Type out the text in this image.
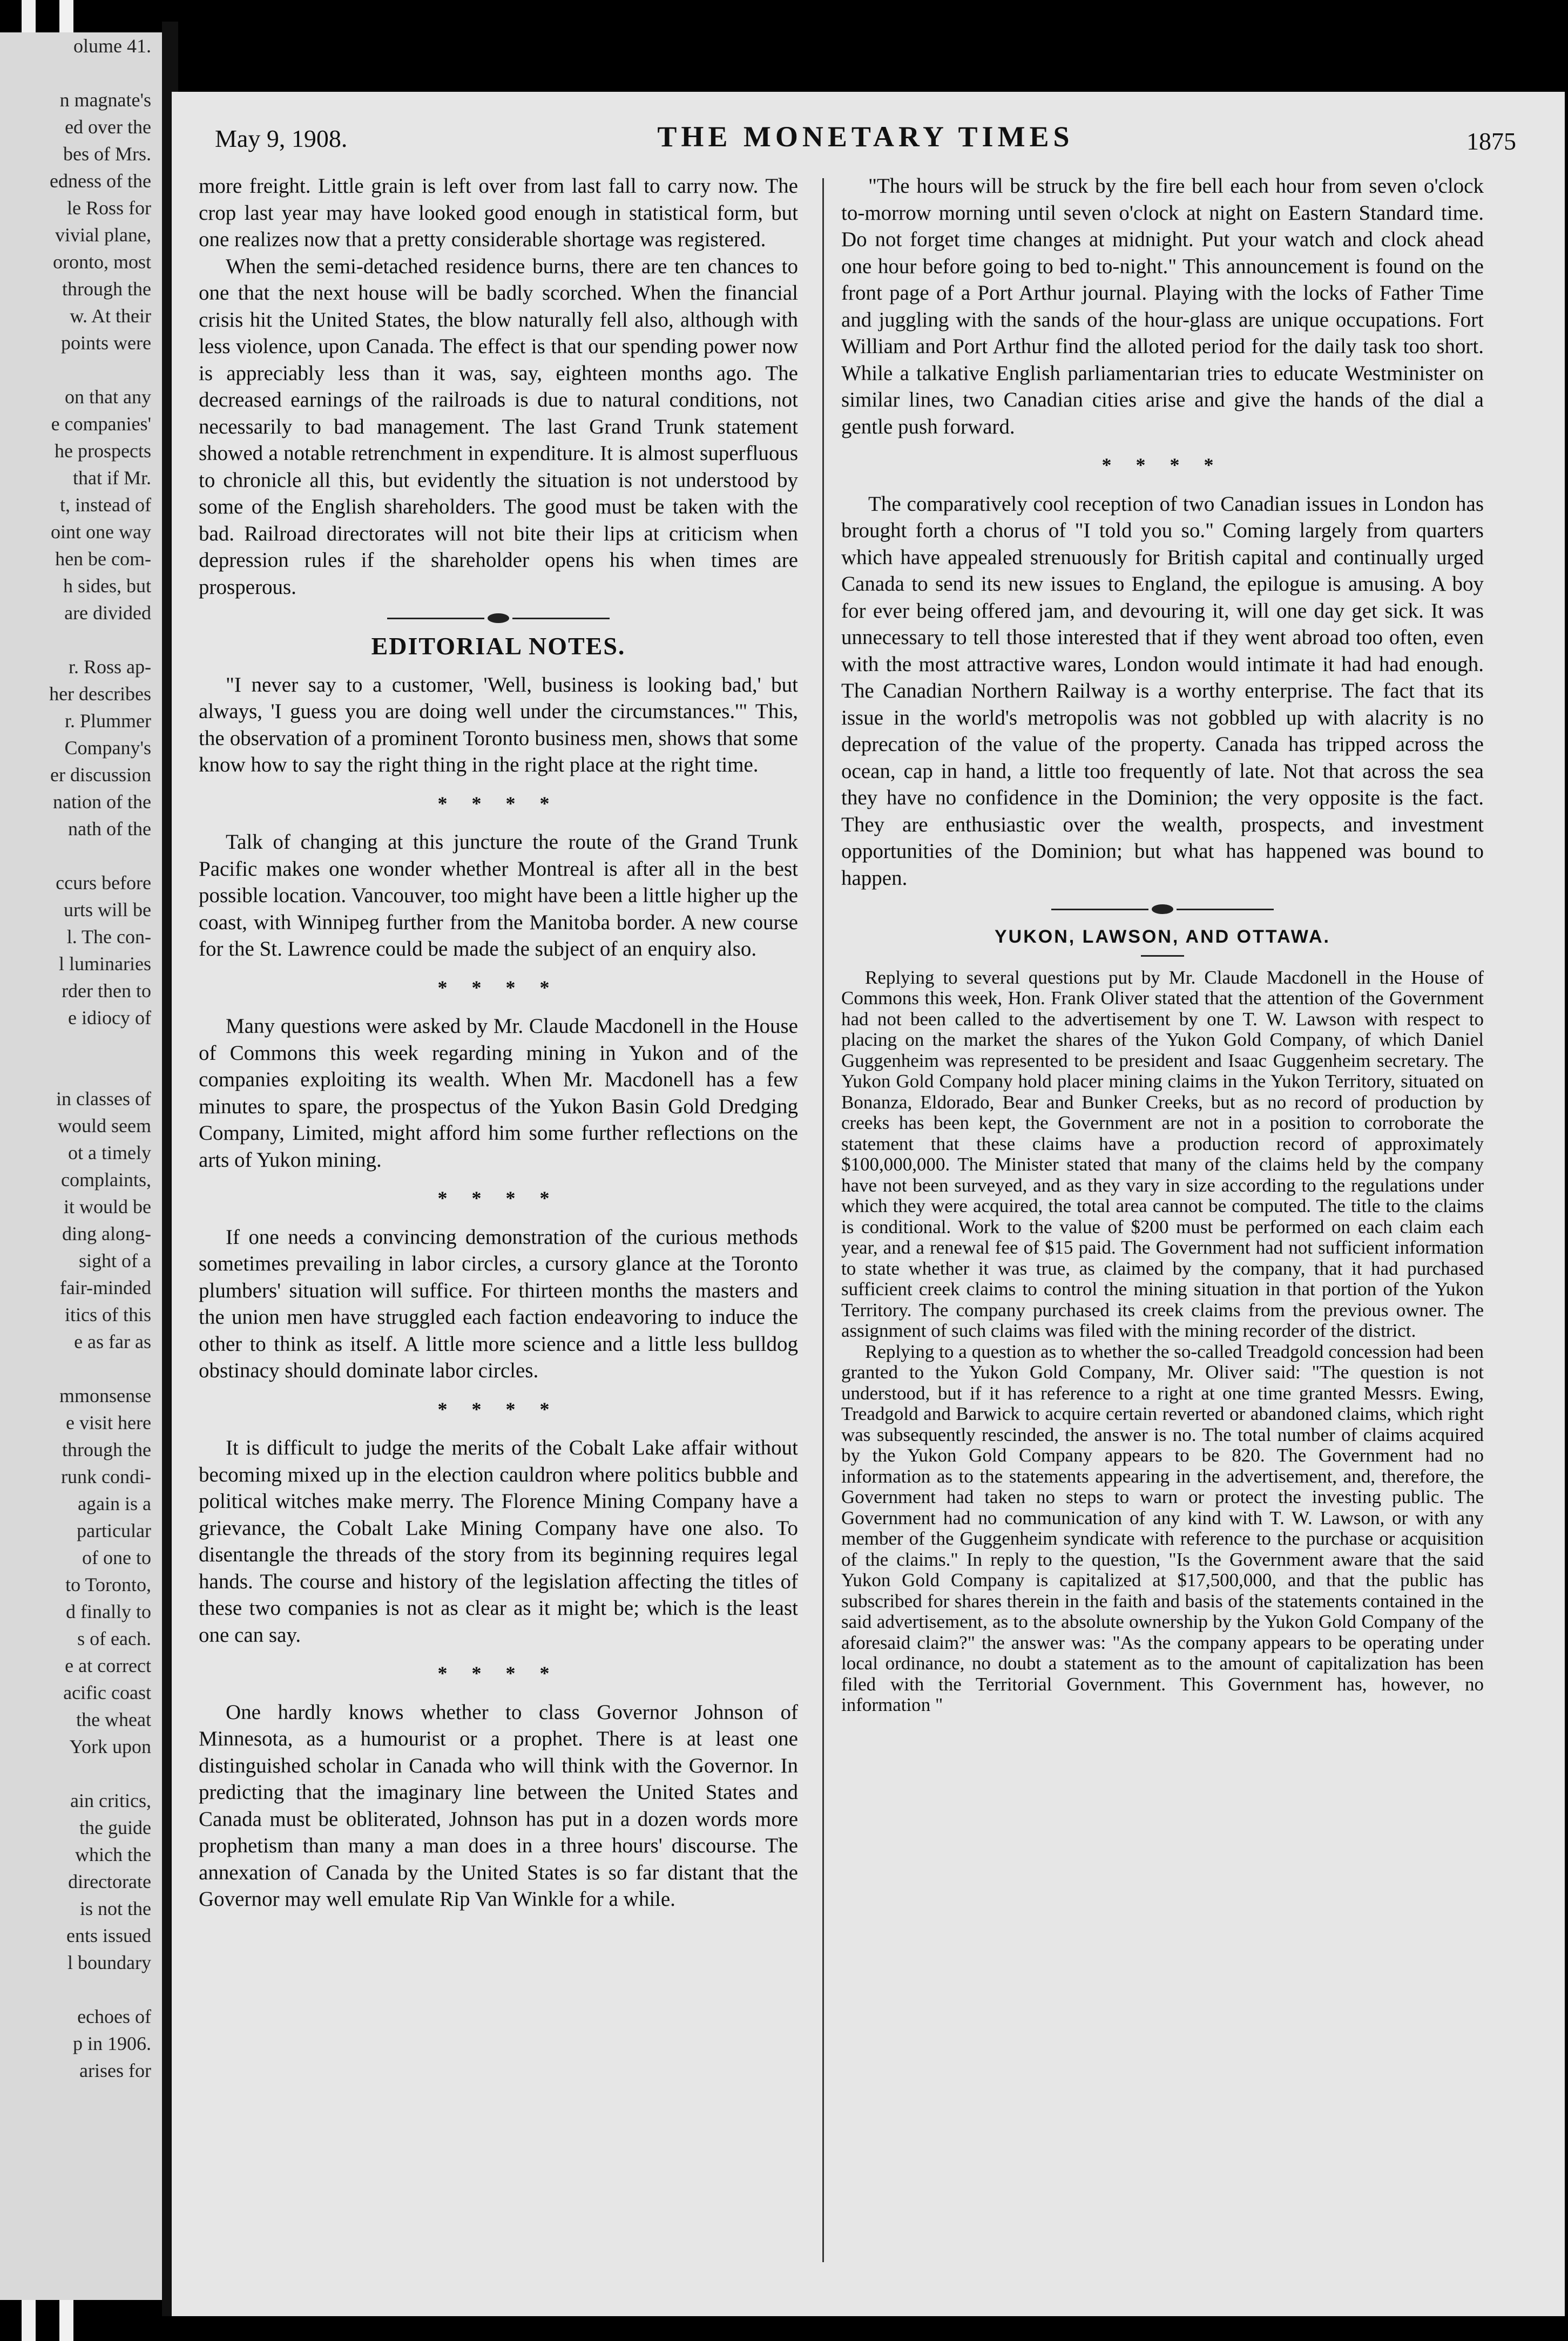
olume 41.
n magnate's
ed over the
bes of Mrs.
edness of the
le Ross for
vivial plane,
oronto, most
through the
w. At their
points were
on that any
e companies'
he prospects
that if Mr.
t, instead of
oint one way
hen be com-
h sides, but
are divided
r. Ross ap-
her describes
r. Plummer
Company's
er discussion
nation of the
nath of the
ccurs before
urts will be
l. The con-
l luminaries
rder then to
e idiocy of
in classes of
would seem
ot a timely
complaints,
it would be
ding along-
sight of a
fair-minded
itics of this
e as far as
mmonsense
e visit here
through the
runk condi-
again is a
particular
of one to
to Toronto,
d finally to
s of each.
e at correct
acific coast
the wheat
York upon
ain critics,
the guide
which the
directorate
is not the
ents issued
l boundary
echoes of
p in 1906.
arises for
May 9, 1908.	THE MONETARY TIMES	1875

more freight. Little grain is left over from last fall to carry now. The crop last year may have looked good enough in statistical form, but one realizes now that a pretty considerable shortage was registered.

When the semi-detached residence burns, there are ten chances to one that the next house will be badly scorched. When the financial crisis hit the United States, the blow naturally fell also, although with less violence, upon Canada. The effect is that our spending power now is appreciably less than it was, say, eighteen months ago. The decreased earnings of the railroads is due to natural conditions, not necessarily to bad management. The last Grand Trunk statement showed a notable retrenchment in expenditure. It is almost superfluous to chronicle all this, but evidently the situation is not understood by some of the English shareholders. The good must be taken with the bad. Railroad directorates will not bite their lips at criticism when depression rules if the shareholder opens his when times are prosperous.

EDITORIAL NOTES.

"I never say to a customer, 'Well, business is looking bad,' but always, 'I guess you are doing well under the circumstances.'" This, the observation of a prominent Toronto business men, shows that some know how to say the right thing in the right place at the right time.

* * * *

Talk of changing at this juncture the route of the Grand Trunk Pacific makes one wonder whether Montreal is after all in the best possible location. Vancouver, too might have been a little higher up the coast, with Winnipeg further from the Manitoba border. A new course for the St. Lawrence could be made the subject of an enquiry also.

* * * *

Many questions were asked by Mr. Claude Macdonell in the House of Commons this week regarding mining in Yukon and of the companies exploiting its wealth. When Mr. Macdonell has a few minutes to spare, the prospectus of the Yukon Basin Gold Dredging Company, Limited, might afford him some further reflections on the arts of Yukon mining.

* * * *

If one needs a convincing demonstration of the curious methods sometimes prevailing in labor circles, a cursory glance at the Toronto plumbers' situation will suffice. For thirteen months the masters and the union men have struggled each faction endeavoring to induce the other to think as itself. A little more science and a little less bulldog obstinacy should dominate labor circles.

* * * *

It is difficult to judge the merits of the Cobalt Lake affair without becoming mixed up in the election cauldron where politics bubble and political witches make merry. The Florence Mining Company have a grievance, the Cobalt Lake Mining Company have one also. To disentangle the threads of the story from its beginning requires legal hands. The course and history of the legislation affecting the titles of these two companies is not as clear as it might be; which is the least one can say.

* * * *

One hardly knows whether to class Governor Johnson of Minnesota, as a humourist or a prophet. There is at least one distinguished scholar in Canada who will think with the Governor. In predicting that the imaginary line between the United States and Canada must be obliterated, Johnson has put in a dozen words more prophetism than many a man does in a three hours' discourse. The annexation of Canada by the United States is so far distant that the Governor may well emulate Rip Van Winkle for a while.

"The hours will be struck by the fire bell each hour from seven o'clock to-morrow morning until seven o'clock at night on Eastern Standard time. Do not forget time changes at midnight. Put your watch and clock ahead one hour before going to bed to-night." This announcement is found on the front page of a Port Arthur journal. Playing with the locks of Father Time and juggling with the sands of the hour-glass are unique occupations. Fort William and Port Arthur find the alloted period for the daily task too short. While a talkative English parliamentarian tries to educate Westminister on similar lines, two Canadian cities arise and give the hands of the dial a gentle push forward.

* * * *

The comparatively cool reception of two Canadian issues in London has brought forth a chorus of "I told you so." Coming largely from quarters which have appealed strenuously for British capital and continually urged Canada to send its new issues to England, the epilogue is amusing. A boy for ever being offered jam, and devouring it, will one day get sick. It was unnecessary to tell those interested that if they went abroad too often, even with the most attractive wares, London would intimate it had had enough. The Canadian Northern Railway is a worthy enterprise. The fact that its issue in the world's metropolis was not gobbled up with alacrity is no deprecation of the value of the property. Canada has tripped across the ocean, cap in hand, a little too frequently of late. Not that across the sea they have no confidence in the Dominion; the very opposite is the fact. They are enthusiastic over the wealth, prospects, and investment opportunities of the Dominion; but what has happened was bound to happen.

YUKON, LAWSON, AND OTTAWA.

Replying to several questions put by Mr. Claude Macdonell in the House of Commons this week, Hon. Frank Oliver stated that the attention of the Government had not been called to the advertisement by one T. W. Lawson with respect to placing on the market the shares of the Yukon Gold Company, of which Daniel Guggenheim was represented to be president and Isaac Guggenheim secretary. The Yukon Gold Company hold placer mining claims in the Yukon Territory, situated on Bonanza, Eldorado, Bear and Bunker Creeks, but as no record of production by creeks has been kept, the Government are not in a position to corroborate the statement that these claims have a production record of approximately $100,000,000. The Minister stated that many of the claims held by the company have not been surveyed, and as they vary in size according to the regulations under which they were acquired, the total area cannot be computed. The title to the claims is conditional. Work to the value of $200 must be performed on each claim each year, and a renewal fee of $15 paid. The Government had not sufficient information to state whether it was true, as claimed by the company, that it had purchased sufficient creek claims to control the mining situation in that portion of the Yukon Territory. The company purchased its creek claims from the previous owner. The assignment of such claims was filed with the mining recorder of the district.

Replying to a question as to whether the so-called Treadgold concession had been granted to the Yukon Gold Company, Mr. Oliver said: "The question is not understood, but if it has reference to a right at one time granted Messrs. Ewing, Treadgold and Barwick to acquire certain reverted or abandoned claims, which right was subsequently rescinded, the answer is no. The total number of claims acquired by the Yukon Gold Company appears to be 820. The Government had no information as to the statements appearing in the advertisement, and, therefore, the Government had taken no steps to warn or protect the investing public. The Government had no communication of any kind with T. W. Lawson, or with any member of the Guggenheim syndicate with reference to the purchase or acquisition of the claims." In reply to the question, "Is the Government aware that the said Yukon Gold Company is capitalized at $17,500,000, and that the public has subscribed for shares therein in the faith and basis of the statements contained in the said advertisement, as to the absolute ownership by the Yukon Gold Company of the aforesaid claim?" the answer was: "As the company appears to be operating under local ordinance, no doubt a statement as to the amount of capitalization has been filed with the Territorial Government. This Government has, however, no information "
